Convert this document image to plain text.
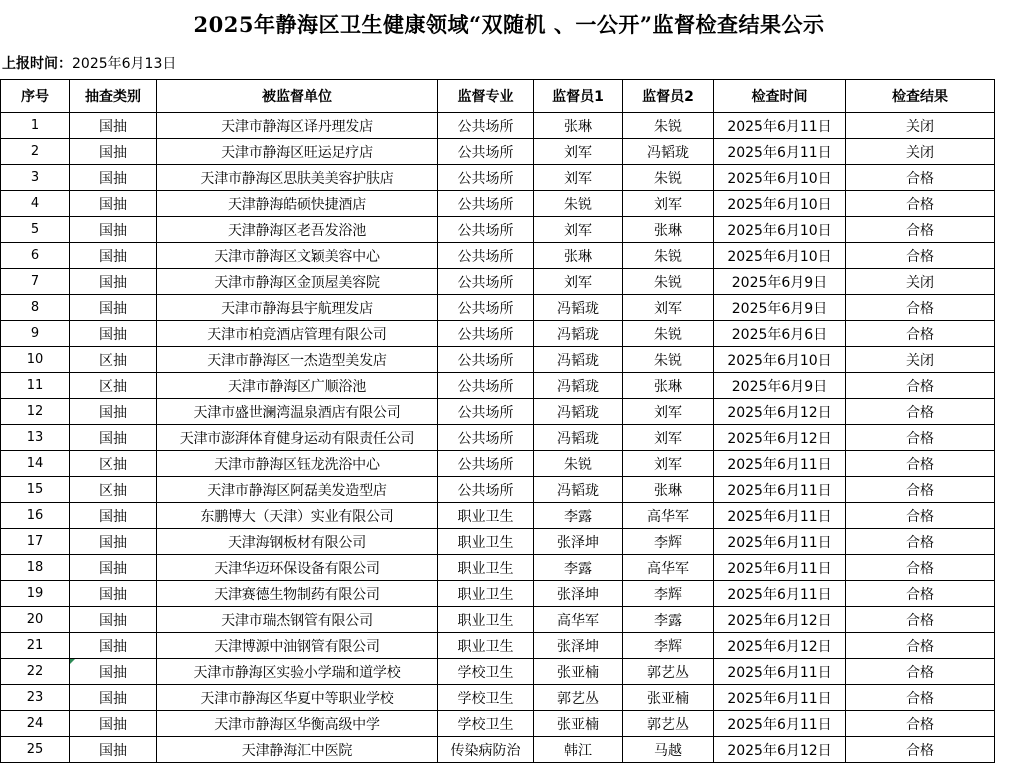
2025年静海区卫生健康领域“双随机 、一公开”监督检查结果公示
上报时间： 2025年6月13日
序号	抽查类别	被监督单位	监督专业	监督员1	监督员2	检查时间	检查结果
1	国抽	天津市静海区译丹理发店	公共场所	张琳	朱锐	2025年6月11日	关闭
2	国抽	天津市静海区旺运足疗店	公共场所	刘军	冯韬珑	2025年6月11日	关闭
3	国抽	天津市静海区思肤美美容护肤店	公共场所	刘军	朱锐	2025年6月10日	合格
4	国抽	天津静海皓硕快捷酒店	公共场所	朱锐	刘军	2025年6月10日	合格
5	国抽	天津静海区老吾发浴池	公共场所	刘军	张琳	2025年6月10日	合格
6	国抽	天津市静海区文颖美容中心	公共场所	张琳	朱锐	2025年6月10日	合格
7	国抽	天津市静海区金顶屋美容院	公共场所	刘军	朱锐	2025年6月9日	关闭
8	国抽	天津市静海县宇航理发店	公共场所	冯韬珑	刘军	2025年6月9日	合格
9	国抽	天津市柏竞酒店管理有限公司	公共场所	冯韬珑	朱锐	2025年6月6日	合格
10	区抽	天津市静海区一杰造型美发店	公共场所	冯韬珑	朱锐	2025年6月10日	关闭
11	区抽	天津市静海区广顺浴池	公共场所	冯韬珑	张琳	2025年6月9日	合格
12	国抽	天津市盛世澜湾温泉酒店有限公司	公共场所	冯韬珑	刘军	2025年6月12日	合格
13	国抽	天津市澎湃体育健身运动有限责任公司	公共场所	冯韬珑	刘军	2025年6月12日	合格
14	区抽	天津市静海区钰龙洗浴中心	公共场所	朱锐	刘军	2025年6月11日	合格
15	区抽	天津市静海区阿磊美发造型店	公共场所	冯韬珑	张琳	2025年6月11日	合格
16	国抽	东鹏博大（天津）实业有限公司	职业卫生	李露	高华军	2025年6月11日	合格
17	国抽	天津海钢板材有限公司	职业卫生	张泽坤	李辉	2025年6月11日	合格
18	国抽	天津华迈环保设备有限公司	职业卫生	李露	高华军	2025年6月11日	合格
19	国抽	天津赛德生物制药有限公司	职业卫生	张泽坤	李辉	2025年6月11日	合格
20	国抽	天津市瑞杰钢管有限公司	职业卫生	高华军	李露	2025年6月12日	合格
21	国抽	天津博源中油钢管有限公司	职业卫生	张泽坤	李辉	2025年6月12日	合格
22	国抽	天津市静海区实验小学瑞和道学校	学校卫生	张亚楠	郭艺丛	2025年6月11日	合格
23	国抽	天津市静海区华夏中等职业学校	学校卫生	郭艺丛	张亚楠	2025年6月11日	合格
24	国抽	天津市静海区华衡高级中学	学校卫生	张亚楠	郭艺丛	2025年6月11日	合格
25	国抽	天津静海汇中医院	传染病防治	韩江	马越	2025年6月12日	合格
